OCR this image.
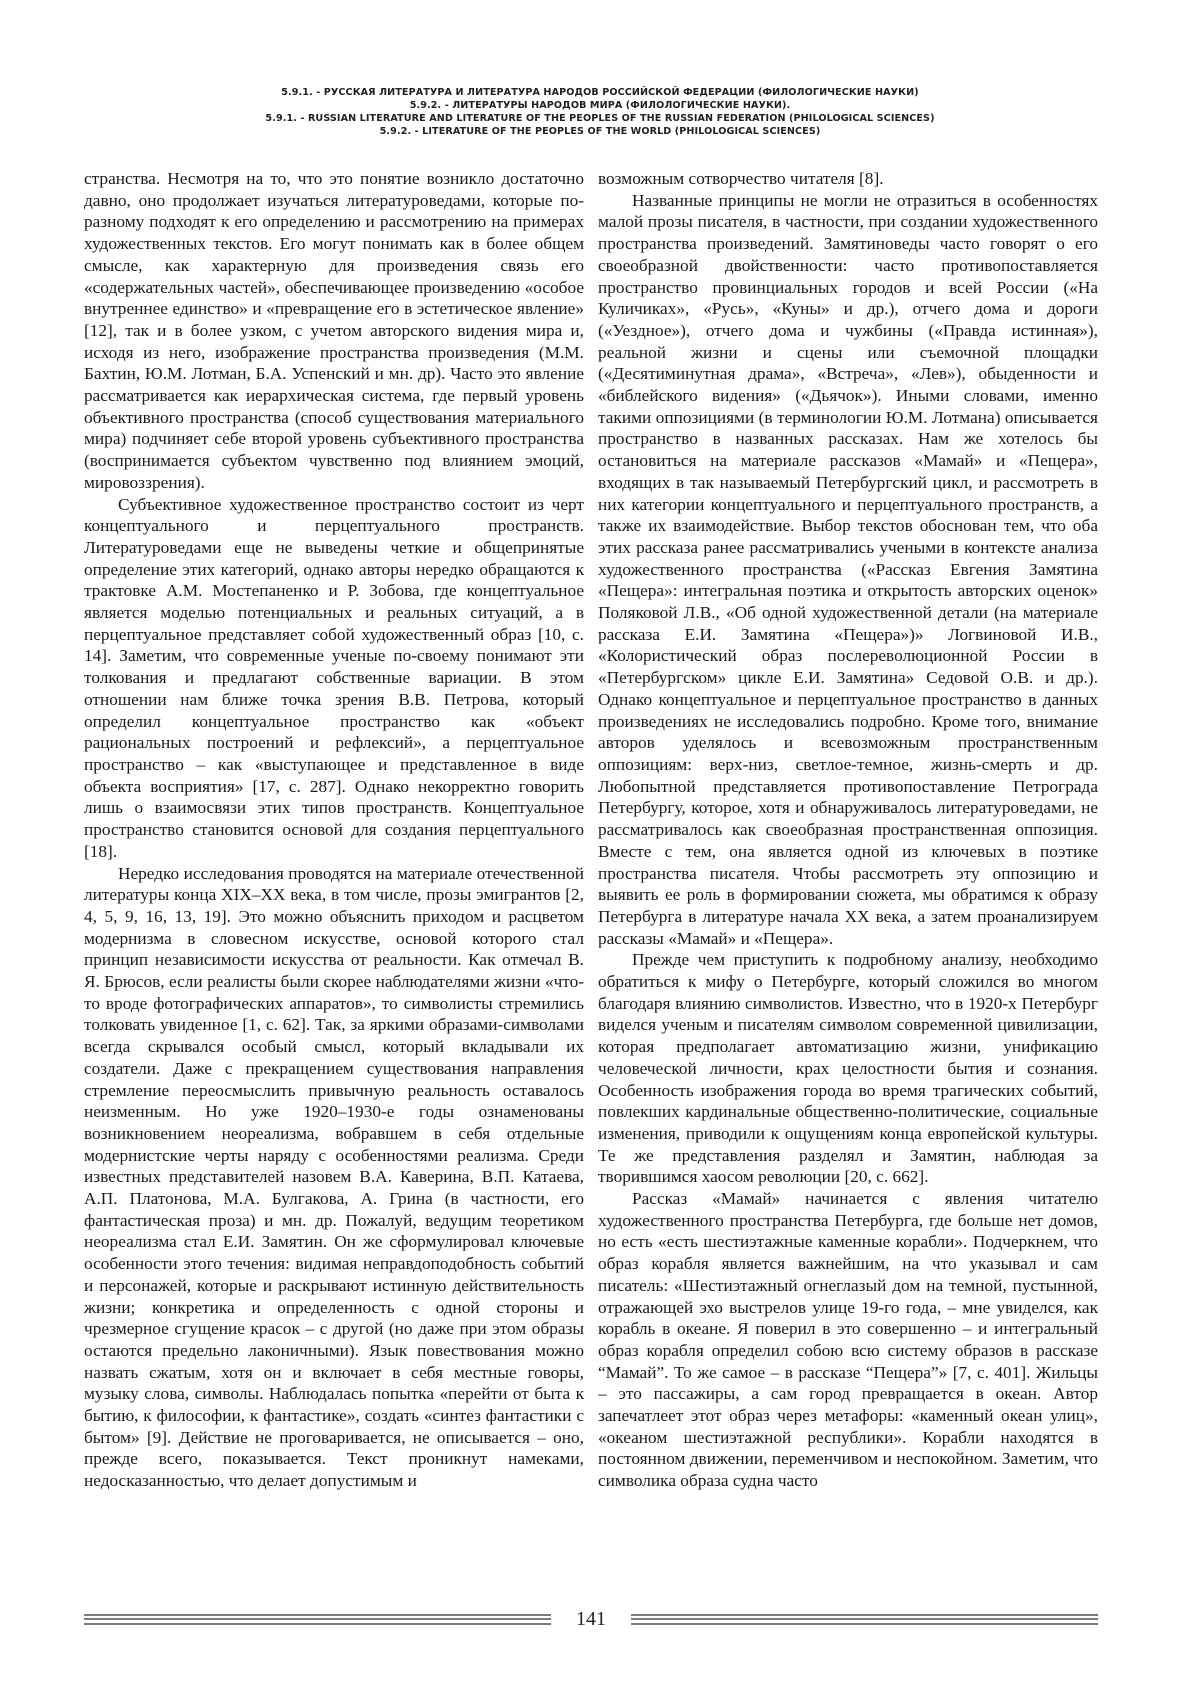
5.9.1. - РУССКАЯ ЛИТЕРАТУРА И ЛИТЕРАТУРА НАРОДОВ РОССИЙСКОЙ ФЕДЕРАЦИИ (ФИЛОЛОГИЧЕСКИЕ НАУКИ)
5.9.2. - ЛИТЕРАТУРЫ НАРОДОВ МИРА (ФИЛОЛОГИЧЕСКИЕ НАУКИ).
5.9.1. - RUSSIAN LITERATURE AND LITERATURE OF THE PEOPLES OF THE RUSSIAN FEDERATION (PHILOLOGICAL SCIENCES)
5.9.2. - LITERATURE OF THE PEOPLES OF THE WORLD (PHILOLOGICAL SCIENCES)

странства. Несмотря на то, что это понятие возникло достаточно давно, оно продолжает изучаться литературоведами, которые по-разному подходят к его определению и рассмотрению на примерах художественных текстов. Его могут понимать как в более общем смысле, как характерную для произведения связь его «содержательных частей», обеспечивающее произведению «особое внутреннее единство» и «превращение его в эстетическое явление» [12], так и в более узком, с учетом авторского видения мира и, исходя из него, изображение пространства произведения (М.М. Бахтин, Ю.М. Лотман, Б.А. Успенский и мн. др). Часто это явление рассматривается как иерархическая система, где первый уровень объективного пространства (способ существования материального мира) подчиняет себе второй уровень субъективного пространства (воспринимается субъектом чувственно под влиянием эмоций, мировоззрения).

Субъективное художественное пространство состоит из черт концептуального и перцептуального пространств. Литературоведами еще не выведены четкие и общепринятые определение этих категорий, однако авторы нередко обращаются к трактовке А.М. Мостепаненко и Р. Зобова, где концептуальное является моделью потенциальных и реальных ситуаций, а в перцептуальное представляет собой художественный образ [10, с. 14]. Заметим, что современные ученые по-своему понимают эти толкования и предлагают собственные вариации. В этом отношении нам ближе точка зрения В.В. Петрова, который определил концептуальное пространство как «объект рациональных построений и рефлексий», а перцептуальное пространство – как «выступающее и представленное в виде объекта восприятия» [17, с. 287]. Однако некорректно говорить лишь о взаимосвязи этих типов пространств. Концептуальное пространство становится основой для создания перцептуального [18].

Нередко исследования проводятся на материале отечественной литературы конца XIX–XX века, в том числе, прозы эмигрантов [2, 4, 5, 9, 16, 13, 19]. Это можно объяснить приходом и расцветом модернизма в словесном искусстве, основой которого стал принцип независимости искусства от реальности. Как отмечал В. Я. Брюсов, если реалисты были скорее наблюдателями жизни «что-то вроде фотографических аппаратов», то символисты стремились толковать увиденное [1, с. 62]. Так, за яркими образами-символами всегда скрывался особый смысл, который вкладывали их создатели. Даже с прекращением существования направления стремление переосмыслить привычную реальность оставалось неизменным. Но уже 1920–1930-е годы ознаменованы возникновением неореализма, вобравшем в себя отдельные модернистские черты наряду с особенностями реализма. Среди известных представителей назовем В.А. Каверина, В.П. Катаева, А.П. Платонова, М.А. Булгакова, А. Грина (в частности, его фантастическая проза) и мн. др. Пожалуй, ведущим теоретиком неореализма стал Е.И. Замятин. Он же сформулировал ключевые особенности этого течения: видимая неправдоподобность событий и персонажей, которые и раскрывают истинную действительность жизни; конкретика и определенность с одной стороны и чрезмерное сгущение красок – с другой (но даже при этом образы остаются предельно лаконичными). Язык повествования можно назвать сжатым, хотя он и включает в себя местные говоры, музыку слова, символы. Наблюдалась попытка «перейти от быта к бытию, к философии, к фантастике», создать «синтез фантастики с бытом» [9]. Действие не проговаривается, не описывается – оно, прежде всего, показывается. Текст проникнут намеками, недосказанностью, что делает допустимым и

возможным сотворчество читателя [8].

Названные принципы не могли не отразиться в особенностях малой прозы писателя, в частности, при создании художественного пространства произведений. Замятиноведы часто говорят о его своеобразной двойственности: часто противопоставляется пространство провинциальных городов и всей России («На Куличиках», «Русь», «Куны» и др.), отчего дома и дороги («Уездное»), отчего дома и чужбины («Правда истинная»), реальной жизни и сцены или съемочной площадки («Десятиминутная драма», «Встреча», «Лев»), обыденности и «библейского видения» («Дьячок»). Иными словами, именно такими оппозициями (в терминологии Ю.М. Лотмана) описывается пространство в названных рассказах. Нам же хотелось бы остановиться на материале рассказов «Мамай» и «Пещера», входящих в так называемый Петербургский цикл, и рассмотреть в них категории концептуального и перцептуального пространств, а также их взаимодействие. Выбор текстов обоснован тем, что оба этих рассказа ранее рассматривались учеными в контексте анализа художественного пространства («Рассказ Евгения Замятина «Пещера»: интегральная поэтика и открытость авторских оценок» Поляковой Л.В., «Об одной художественной детали (на материале рассказа Е.И. Замятина «Пещера»)» Логвиновой И.В., «Колористический образ послереволюционной России в «Петербургском» цикле Е.И. Замятина» Седовой О.В. и др.). Однако концептуальное и перцептуальное пространство в данных произведениях не исследовались подробно. Кроме того, внимание авторов уделялось и всевозможным пространственным оппозициям: верх-низ, светлое-темное, жизнь-смерть и др. Любопытной представляется противопоставление Петрограда Петербургу, которое, хотя и обнаруживалось литературоведами, не рассматривалось как своеобразная пространственная оппозиция. Вместе с тем, она является одной из ключевых в поэтике пространства писателя. Чтобы рассмотреть эту оппозицию и выявить ее роль в формировании сюжета, мы обратимся к образу Петербурга в литературе начала XX века, а затем проанализируем рассказы «Мамай» и «Пещера».

Прежде чем приступить к подробному анализу, необходимо обратиться к мифу о Петербурге, который сложился во многом благодаря влиянию символистов. Известно, что в 1920-х Петербург виделся ученым и писателям символом современной цивилизации, которая предполагает автоматизацию жизни, унификацию человеческой личности, крах целостности бытия и сознания. Особенность изображения города во время трагических событий, повлекших кардинальные общественно-политические, социальные изменения, приводили к ощущениям конца европейской культуры. Те же представления разделял и Замятин, наблюдая за творившимся хаосом революции [20, с. 662].

Рассказ «Мамай» начинается с явления читателю художественного пространства Петербурга, где больше нет домов, но есть «есть шестиэтажные каменные корабли». Подчеркнем, что образ корабля является важнейшим, на что указывал и сам писатель: «Шестиэтажный огнеглазый дом на темной, пустынной, отражающей эхо выстрелов улице 19-го года, – мне увиделся, как корабль в океане. Я поверил в это совершенно – и интегральный образ корабля определил собою всю систему образов в рассказе “Мамай”. То же самое – в рассказе “Пещера”» [7, с. 401]. Жильцы – это пассажиры, а сам город превращается в океан. Автор запечатлеет этот образ через метафоры: «каменный океан улиц», «океаном шестиэтажной республики». Корабли находятся в постоянном движении, переменчивом и неспокойном. Заметим, что символика образа судна часто

141
